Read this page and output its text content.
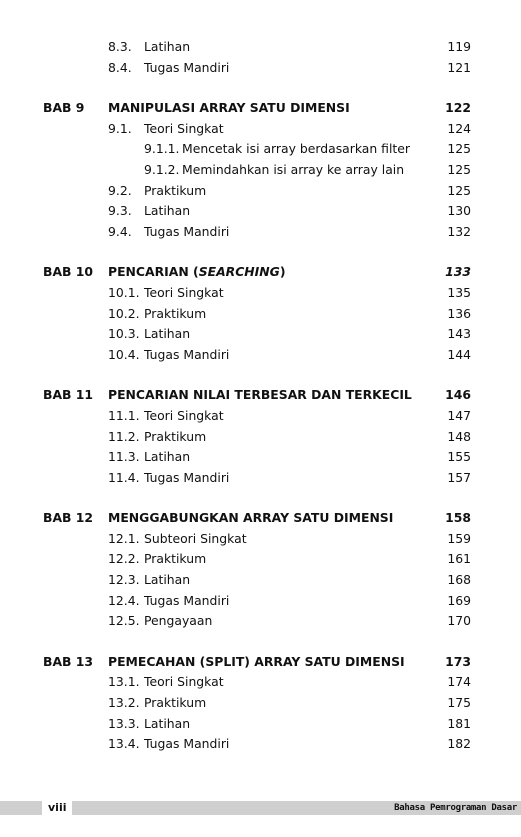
8.3. Latihan	119
8.4. Tugas Mandiri	121
BAB 9 MANIPULASI ARRAY SATU DIMENSI	122
9.1. Teori Singkat	124
9.1.1. Mencetak isi array berdasarkan filter	125
9.1.2. Memindahkan isi array ke array lain	125
9.2. Praktikum	125
9.3. Latihan	130
9.4. Tugas Mandiri	132
BAB 10 PENCARIAN (SEARCHING)	133
10.1. Teori Singkat	135
10.2. Praktikum	136
10.3. Latihan	143
10.4. Tugas Mandiri	144
BAB 11 PENCARIAN NILAI TERBESAR DAN TERKECIL	146
11.1. Teori Singkat	147
11.2. Praktikum	148
11.3. Latihan	155
11.4. Tugas Mandiri	157
BAB 12 MENGGABUNGKAN ARRAY SATU DIMENSI	158
12.1. Subteori Singkat	159
12.2. Praktikum	161
12.3. Latihan	168
12.4. Tugas Mandiri	169
12.5. Pengayaan	170
BAB 13 PEMECAHAN (SPLIT) ARRAY SATU DIMENSI	173
13.1. Teori Singkat	174
13.2. Praktikum	175
13.3. Latihan	181
13.4. Tugas Mandiri	182
viii	Bahasa Pemrograman Dasar
